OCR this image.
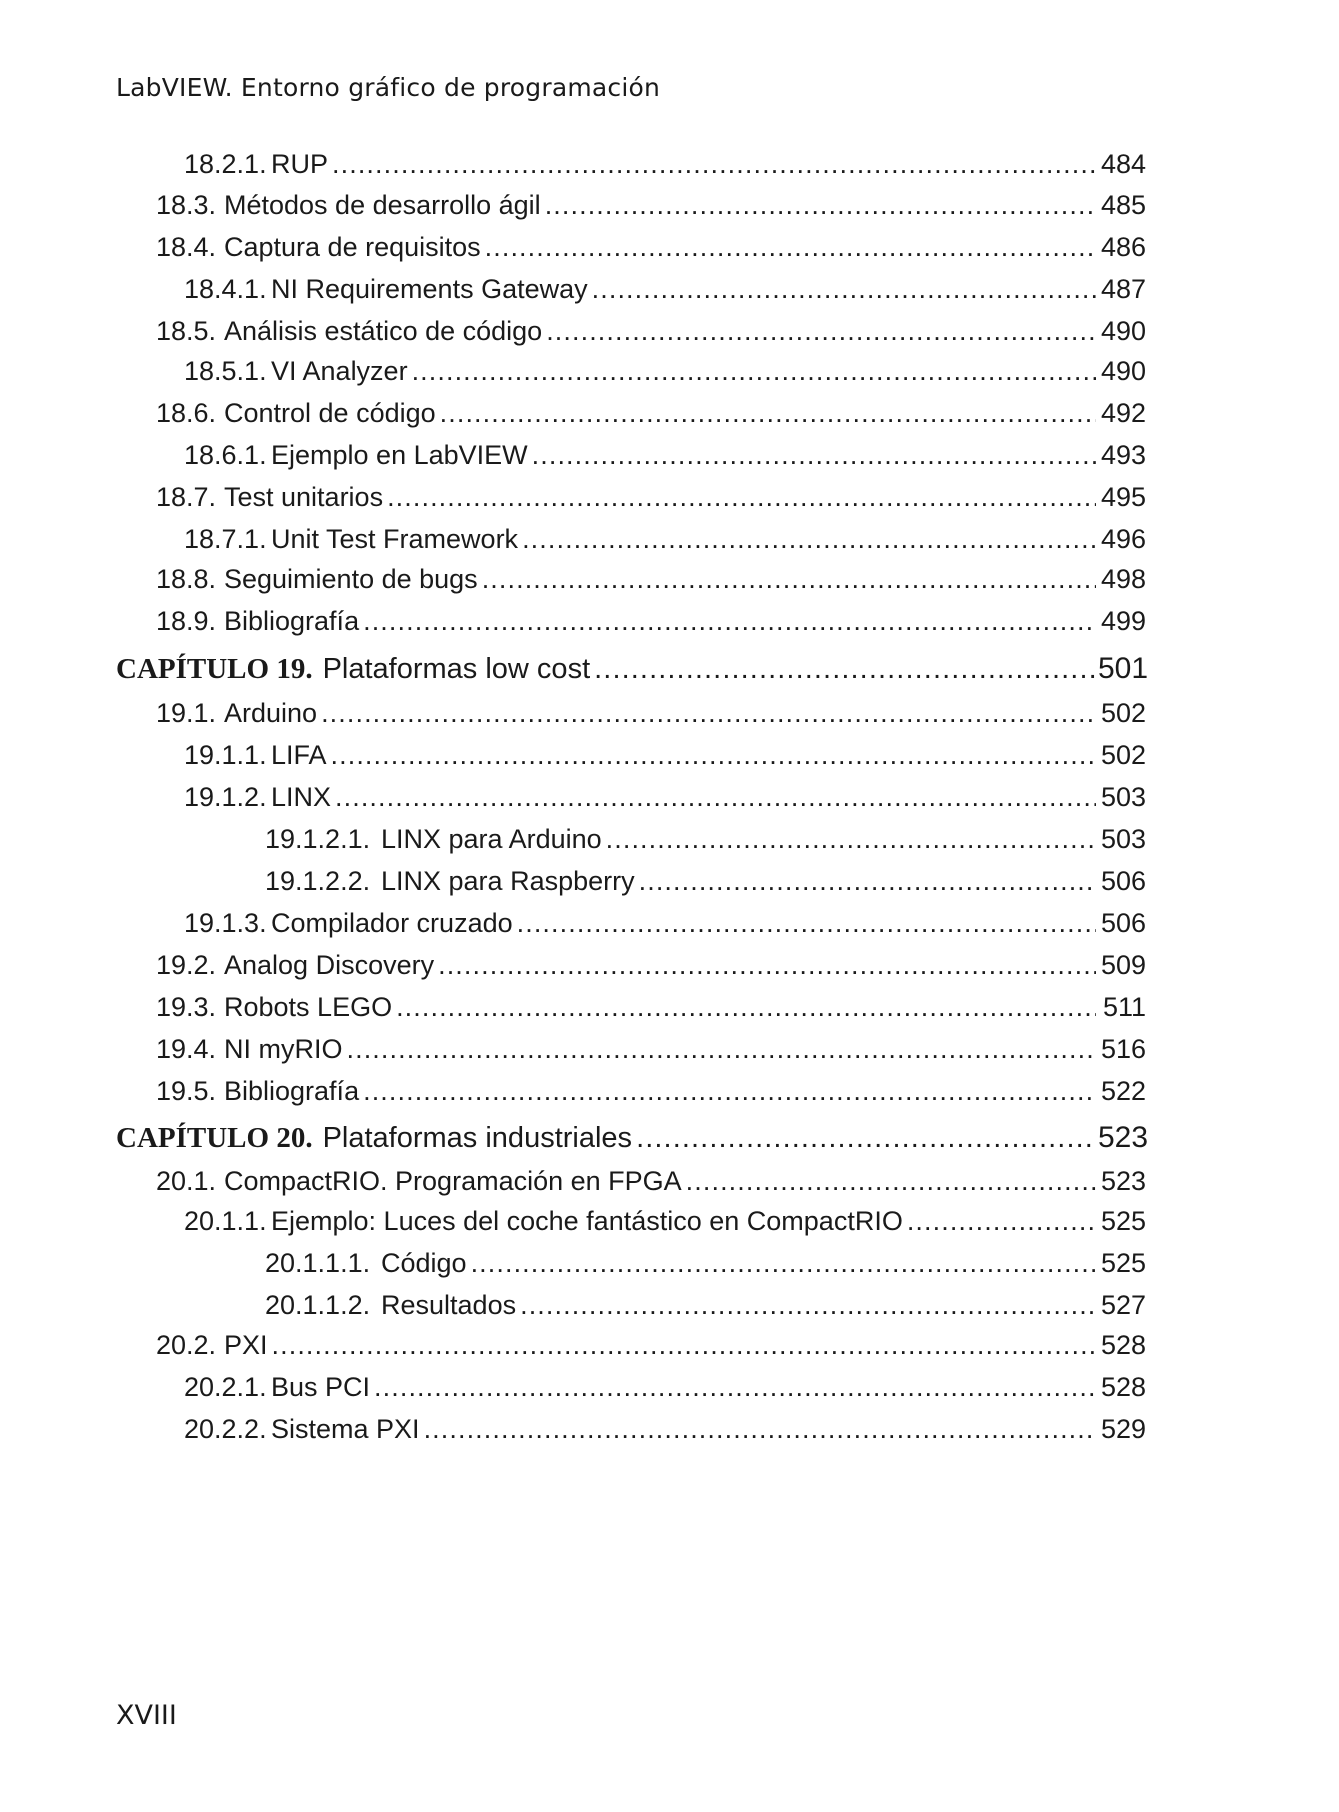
LabVIEW. Entorno gráfico de programación
18.2.1. RUP .....	484
18.3. Métodos de desarrollo ágil .....	485
18.4. Captura de requisitos .....	486
18.4.1. NI Requirements Gateway .....	487
18.5. Análisis estático de código .....	490
18.5.1. VI Analyzer .....	490
18.6. Control de código .....	492
18.6.1. Ejemplo en LabVIEW .....	493
18.7. Test unitarios .....	495
18.7.1. Unit Test Framework .....	496
18.8. Seguimiento de bugs .....	498
18.9. Bibliografía .....	499
CAPÍTULO 19. Plataformas low cost .....	501
19.1. Arduino .....	502
19.1.1. LIFA .....	502
19.1.2. LINX .....	503
19.1.2.1. LINX para Arduino .....	503
19.1.2.2. LINX para Raspberry .....	506
19.1.3. Compilador cruzado .....	506
19.2. Analog Discovery .....	509
19.3. Robots LEGO .....	511
19.4. NI myRIO .....	516
19.5. Bibliografía .....	522
CAPÍTULO 20. Plataformas industriales .....	523
20.1. CompactRIO. Programación en FPGA .....	523
20.1.1. Ejemplo: Luces del coche fantástico en CompactRIO .....	525
20.1.1.1. Código .....	525
20.1.1.2. Resultados .....	527
20.2. PXI .....	528
20.2.1. Bus PCI .....	528
20.2.2. Sistema PXI .....	529
XVIII
